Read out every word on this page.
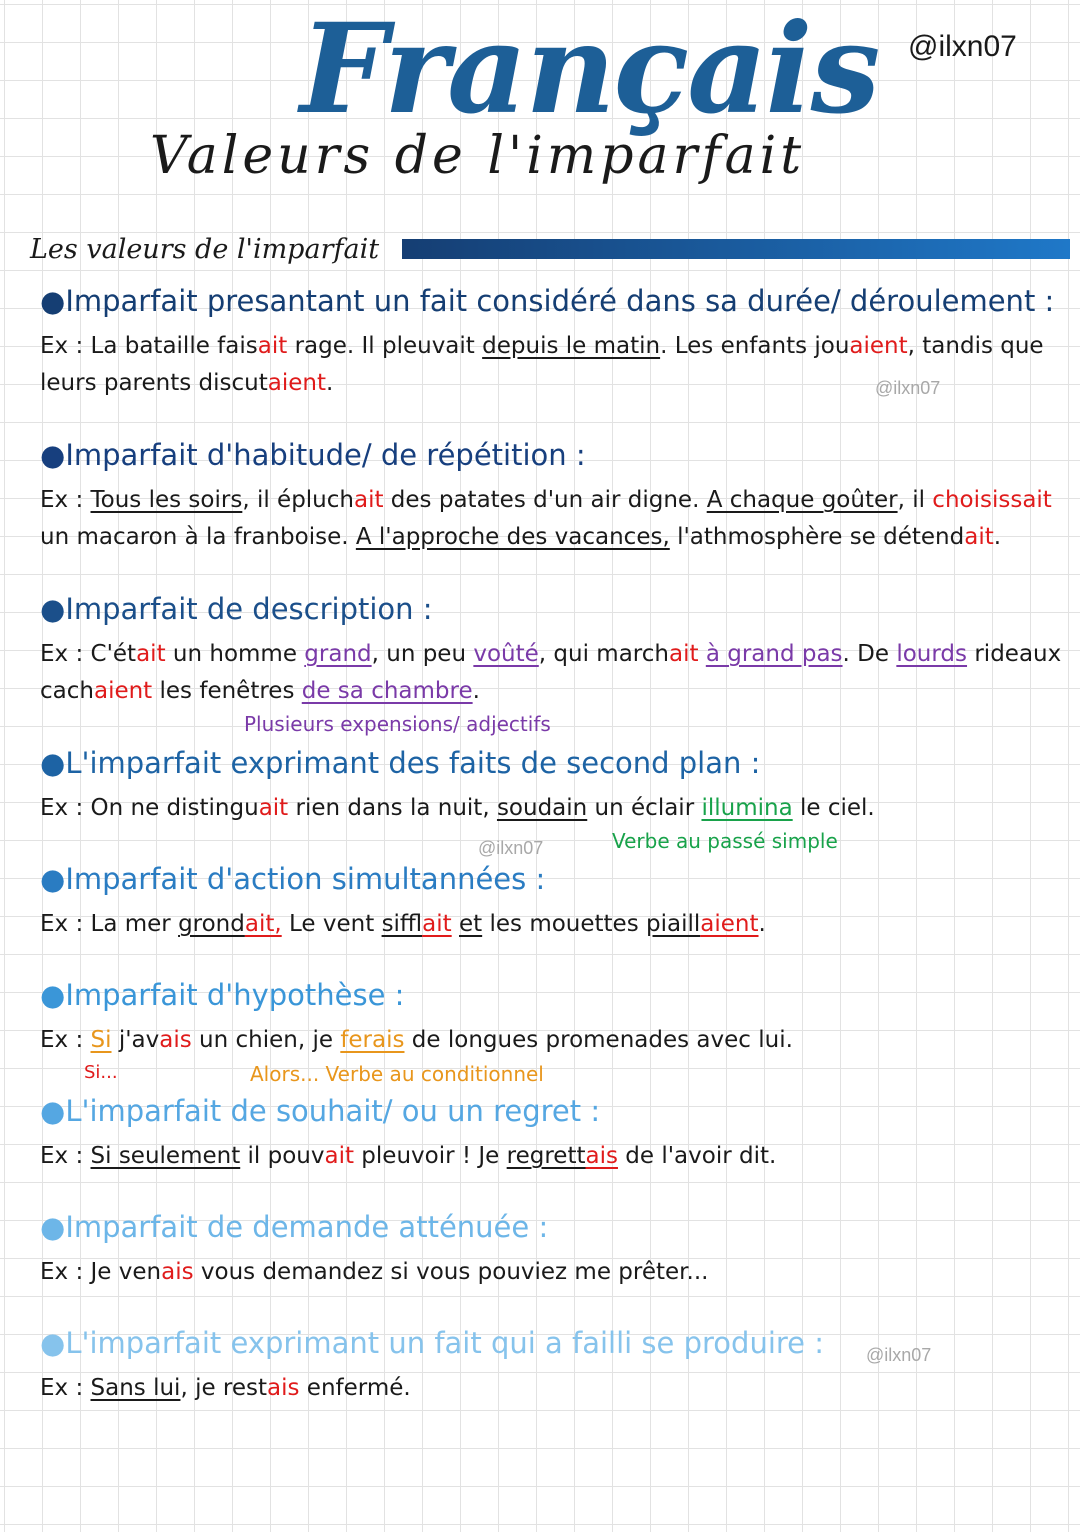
@ilxn07
Français
Valeurs de l'imparfait
Les valeurs de l'imparfait
@ilxn07
@ilxn07
@ilxn07
●Imparfait presantant un fait considéré dans sa durée/ déroulement :
Ex : La bataille faisait rage. Il pleuvait depuis le matin. Les enfants jouaient, tandis que leurs parents discutaient.
●Imparfait d'habitude/ de répétition :
Ex : Tous les soirs, il épluchait des patates d'un air digne. A chaque goûter, il choisissait un macaron à la franboise. A l'approche des vacances, l'athmosphère se détendait.
●Imparfait de description :
Ex : C'était un homme grand, un peu voûté, qui marchait à grand pas. De lourds rideaux cachaient les fenêtres de sa chambre.
Plusieurs expensions/ adjectifs
●L'imparfait exprimant des faits de second plan :
Ex : On ne distinguait rien dans la nuit, soudain un éclair illumina le ciel.
Verbe au passé simple
●Imparfait d'action simultannées :
Ex : La mer grondait, Le vent sifflait et les mouettes piaillaient.
●Imparfait d'hypothèse :
Ex : Si j'avais un chien, je ferais de longues promenades avec lui.
Si...	Alors... Verbe au conditionnel
●L'imparfait de souhait/ ou un regret :
Ex : Si seulement il pouvait pleuvoir ! Je regrettais de l'avoir dit.
●Imparfait de demande atténuée :
Ex : Je venais vous demandez si vous pouviez me prêter...
●L'imparfait exprimant un fait qui a failli se produire :
Ex : Sans lui, je restais enfermé.
